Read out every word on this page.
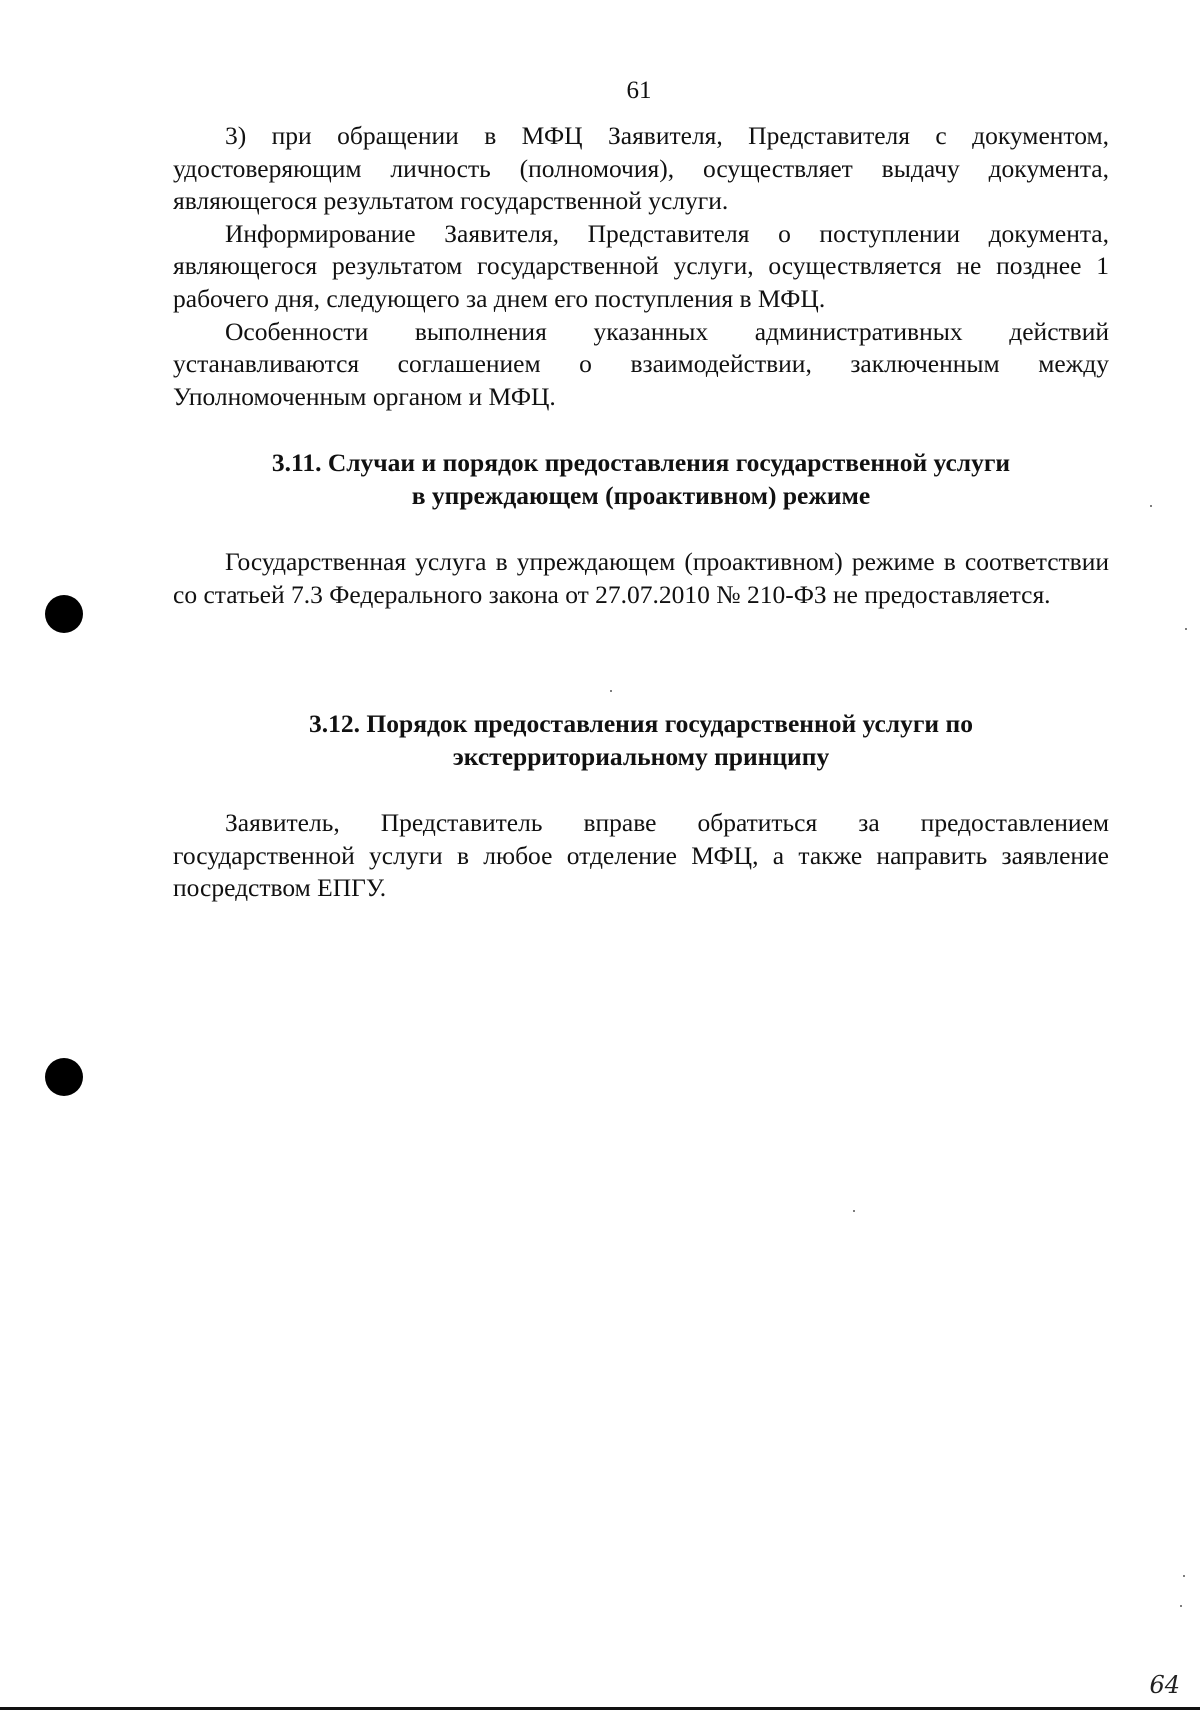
61

3) при обращении в МФЦ Заявителя, Представителя с документом, удостоверяющим личность (полномочия), осуществляет выдачу документа, являющегося результатом государственной услуги.

Информирование Заявителя, Представителя о поступлении документа, являющегося результатом государственной услуги, осуществляется не позднее 1 рабочего дня, следующего за днем его поступления в МФЦ.

Особенности выполнения указанных административных действий устанавливаются соглашением о взаимодействии, заключенным между Уполномоченным органом и МФЦ.

3.11. Случаи и порядок предоставления государственной услуги
в упреждающем (проактивном) режиме

Государственная услуга в упреждающем (проактивном) режиме в соответствии со статьей 7.3 Федерального закона от 27.07.2010 № 210-ФЗ не предоставляется.

3.12. Порядок предоставления государственной услуги по
экстерриториальному принципу

Заявитель, Представитель вправе обратиться за предоставлением государственной услуги в любое отделение МФЦ, а также направить заявление посредством ЕПГУ.

64
